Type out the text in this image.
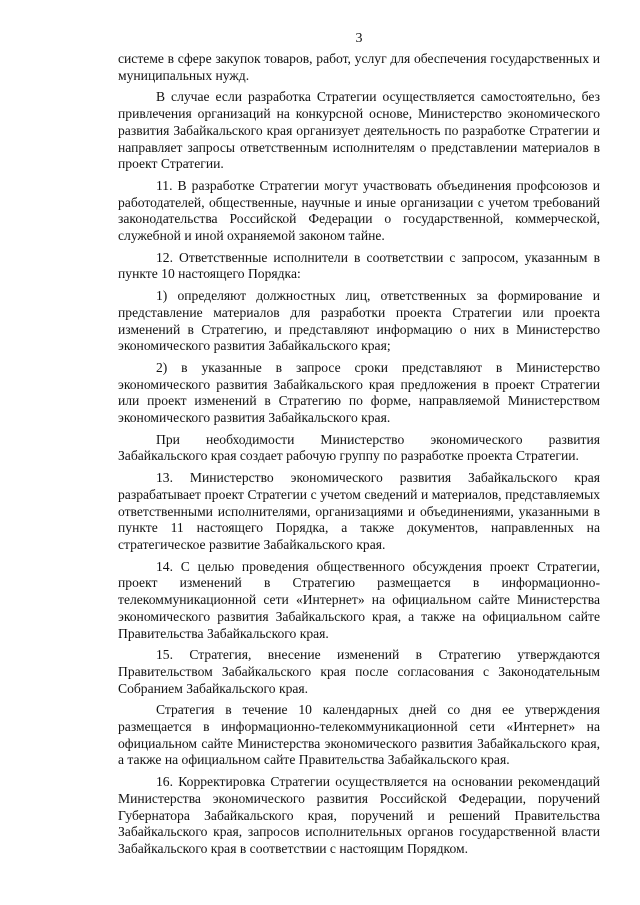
3

системе в сфере закупок товаров, работ, услуг для обеспечения государственных и муниципальных нужд.

В случае если разработка Стратегии осуществляется самостоятельно, без привлечения организаций на конкурсной основе, Министерство экономического развития Забайкальского края организует деятельность по разработке Стратегии и направляет запросы ответственным исполнителям о представлении материалов в проект Стратегии.

11. В разработке Стратегии могут участвовать объединения профсоюзов и работодателей, общественные, научные и иные организации с учетом требований законодательства Российской Федерации о государственной, коммерческой, служебной и иной охраняемой законом тайне.

12. Ответственные исполнители в соответствии с запросом, указанным в пункте 10 настоящего Порядка:

1) определяют должностных лиц, ответственных за формирование и представление материалов для разработки проекта Стратегии или проекта изменений в Стратегию, и представляют информацию о них в Министерство экономического развития Забайкальского края;

2) в указанные в запросе сроки представляют в Министерство экономического развития Забайкальского края предложения в проект Стратегии или проект изменений в Стратегию по форме, направляемой Министерством экономического развития Забайкальского края.

При необходимости Министерство экономического развития Забайкальского края создает рабочую группу по разработке проекта Стратегии.

13. Министерство экономического развития Забайкальского края разрабатывает проект Стратегии с учетом сведений и материалов, представляемых ответственными исполнителями, организациями и объединениями, указанными в пункте 11 настоящего Порядка, а также документов, направленных на стратегическое развитие Забайкальского края.

14. С целью проведения общественного обсуждения проект Стратегии, проект изменений в Стратегию размещается в информационно-телекоммуникационной сети «Интернет» на официальном сайте Министерства экономического развития Забайкальского края, а также на официальном сайте Правительства Забайкальского края.

15. Стратегия, внесение изменений в Стратегию утверждаются Правительством Забайкальского края после согласования с Законодательным Собранием Забайкальского края.

Стратегия в течение 10 календарных дней со дня ее утверждения размещается в информационно-телекоммуникационной сети «Интернет» на официальном сайте Министерства экономического развития Забайкальского края, а также на официальном сайте Правительства Забайкальского края.

16. Корректировка Стратегии осуществляется на основании рекомендаций Министерства экономического развития Российской Федерации, поручений Губернатора Забайкальского края, поручений и решений Правительства Забайкальского края, запросов исполнительных органов государственной власти Забайкальского края в соответствии с настоящим Порядком.
